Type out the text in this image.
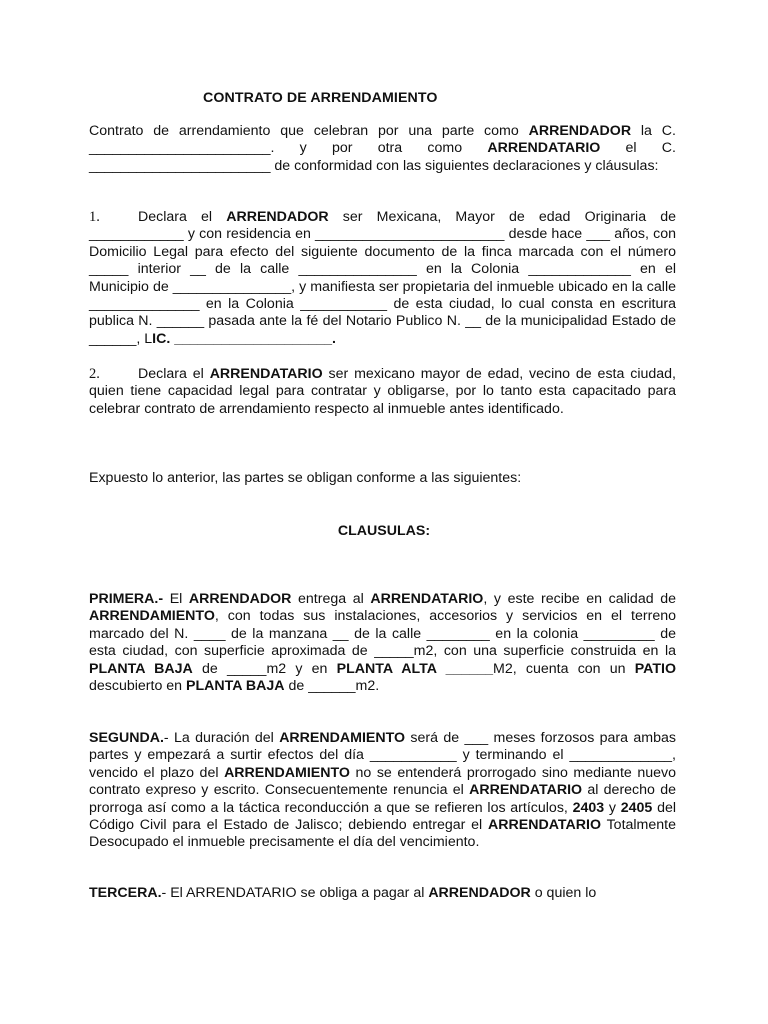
CONTRATO DE ARRENDAMIENTO

Contrato de arrendamiento que celebran por una parte como ARRENDADOR la C. _______________________. y por otra como ARRENDATARIO el C. _______________________ de conformidad con las siguientes declaraciones y cláusulas:

1.	Declara el ARRENDADOR ser Mexicana, Mayor de edad Originaria de ____________ y con residencia en ________________________ desde hace ___ años, con Domicilio Legal para efecto del siguiente documento de la finca marcada con el número _____ interior __ de la calle _______________ en la Colonia _____________ en el Municipio de _______________, y manifiesta ser propietaria del inmueble ubicado en la calle ______________ en la Colonia ___________ de esta ciudad, lo cual consta en escritura publica N. ______ pasada ante la fé del Notario Publico N. __ de la municipalidad Estado de ______, LIC. ____________________.

2.	Declara el ARRENDATARIO ser mexicano mayor de edad, vecino de esta ciudad, quien tiene capacidad legal para contratar y obligarse, por lo tanto esta capacitado para celebrar contrato de arrendamiento respecto al inmueble antes identificado.

Expuesto lo anterior, las partes se obligan conforme a las siguientes:

CLAUSULAS:

PRIMERA.- El ARRENDADOR entrega al ARRENDATARIO, y este recibe en calidad de ARRENDAMIENTO, con todas sus instalaciones, accesorios y servicios en el terreno marcado del N. ____ de la manzana __ de la calle ________ en la colonia _________ de esta ciudad, con superficie aproximada de _____m2, con una superficie construida en la PLANTA BAJA de _____m2 y en PLANTA ALTA ______M2, cuenta con un PATIO descubierto en PLANTA BAJA de ______m2.

SEGUNDA.- La duración del ARRENDAMIENTO será de ___ meses forzosos para ambas partes y empezará a surtir efectos del día ___________ y terminando el _____________, vencido el plazo del ARRENDAMIENTO no se entenderá prorrogado sino mediante nuevo contrato expreso y escrito. Consecuentemente renuncia el ARRENDATARIO al derecho de prorroga así como a la táctica reconducción a que se refieren los artículos, 2403 y 2405 del Código Civil para el Estado de Jalisco; debiendo entregar el ARRENDATARIO Totalmente Desocupado el inmueble precisamente el día del vencimiento.

TERCERA.- El ARRENDATARIO se obliga a pagar al ARRENDADOR o quien lo
